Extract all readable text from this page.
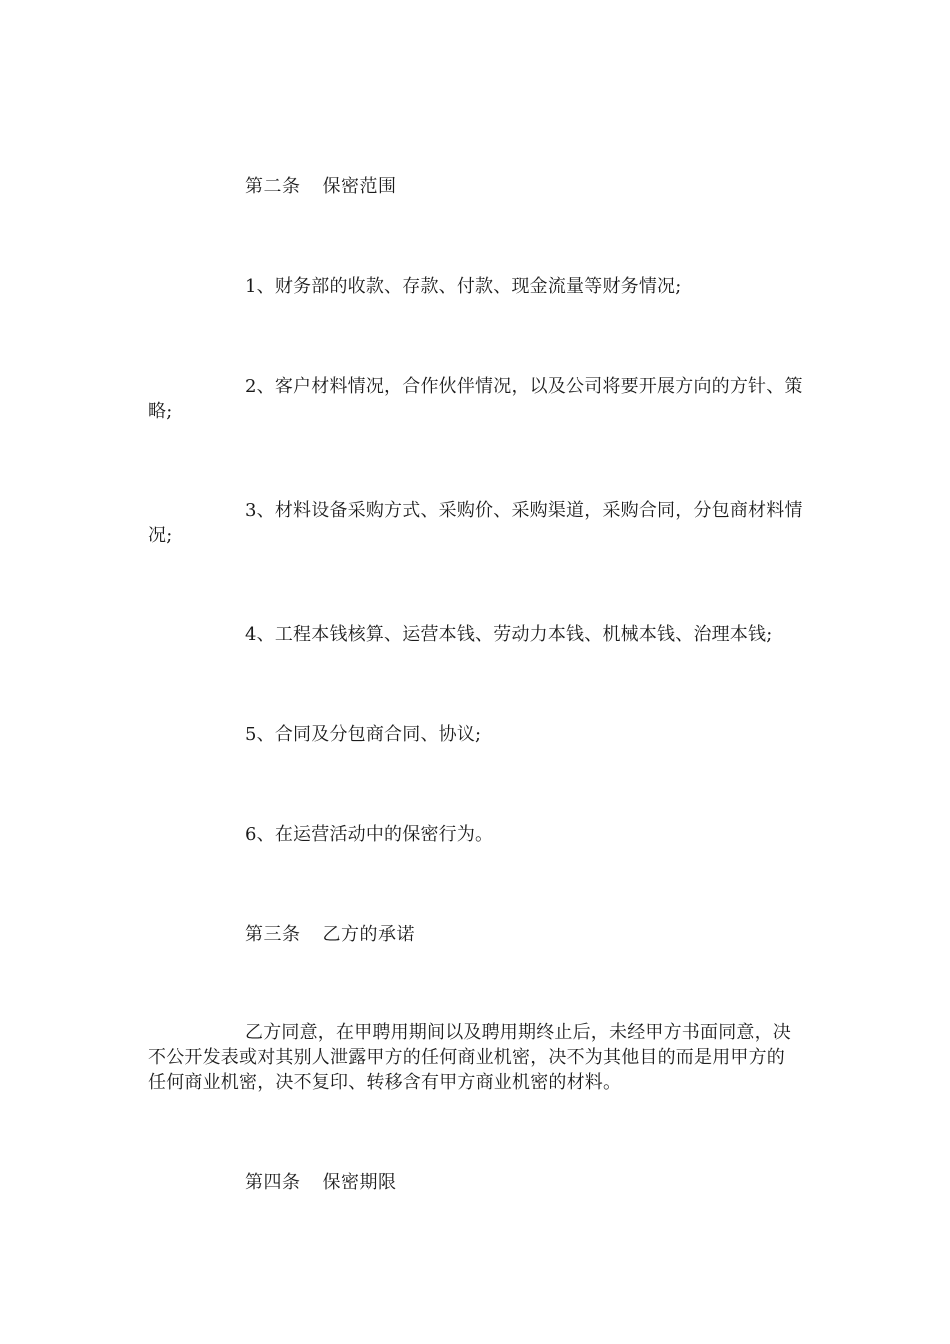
第二条 保密范围

1、财务部的收款、存款、付款、现金流量等财务情况;

2、客户材料情况，合作伙伴情况，以及公司将要开展方向的方针、策略;

3、材料设备采购方式、采购价、采购渠道，采购合同，分包商材料情况;

4、工程本钱核算、运营本钱、劳动力本钱、机械本钱、治理本钱;

5、合同及分包商合同、协议;

6、在运营活动中的保密行为。

第三条 乙方的承诺

乙方同意，在甲聘用期间以及聘用期终止后，未经甲方书面同意，决不公开发表或对其别人泄露甲方的任何商业机密，决不为其他目的而是用甲方的任何商业机密，决不复印、转移含有甲方商业机密的材料。

第四条 保密期限
